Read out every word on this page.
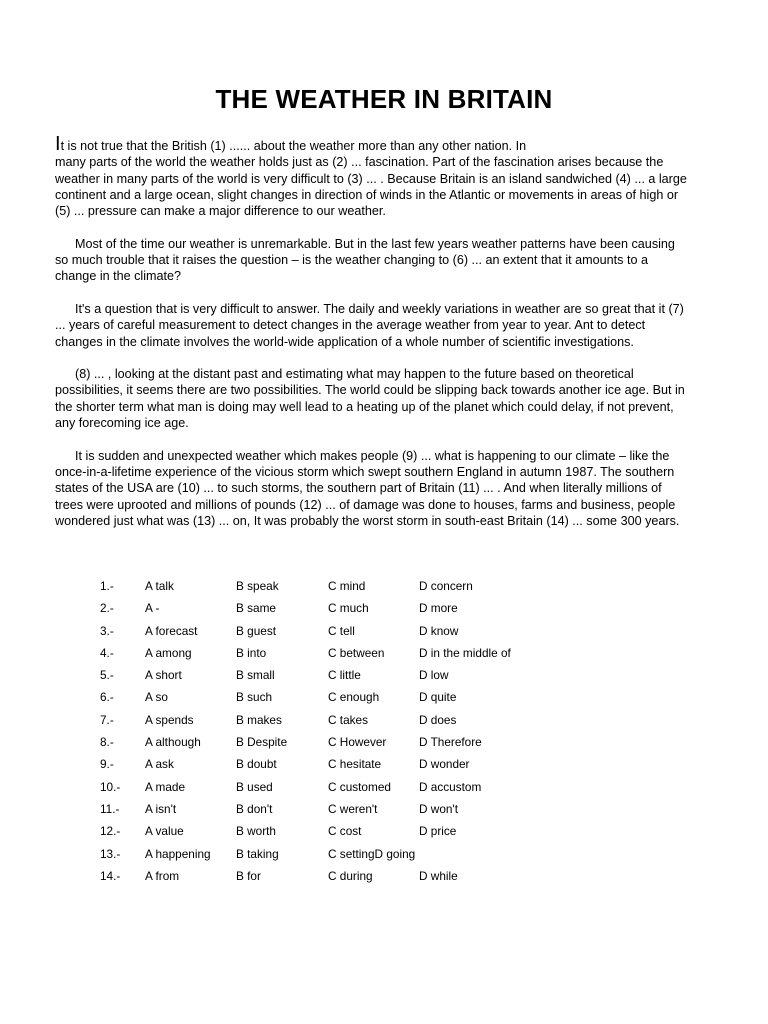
THE WEATHER IN BRITAIN
It is not true that the British (1) ...... about the weather more than any other nation. In
many parts of the world the weather holds just as (2) ... fascination. Part of the fascination arises because the
weather in many parts of the world is very difficult to (3) ... . Because Britain is an island sandwiched (4) ... a large
continent and a large ocean, slight changes in direction of winds in the Atlantic or movements in areas of high or
(5) ... pressure can make a major difference to our weather.
Most of the time our weather is unremarkable. But in the last few years weather patterns have been causing
so much trouble that it raises the question – is the weather changing to (6) ... an extent that it amounts to a
change in the climate?
It's a question that is very difficult to answer. The daily and weekly variations in weather are so great that it (7)
... years of careful measurement to detect changes in the average weather from year to year. Ant to detect
changes in the climate involves the world-wide application of a whole number of scientific investigations.
(8) ... , looking at the distant past and estimating what may happen to the future based on theoretical
possibilities, it seems there are two possibilities. The world could be slipping back towards another ice age. But in
the shorter term what man is doing may well lead to a heating up of the planet which could delay, if not prevent,
any forecoming ice age.
It is sudden and unexpected weather which makes people (9) ... what is happening to our climate – like the
once-in-a-lifetime experience of the vicious storm which swept southern England in autumn 1987. The southern
states of the USA are (10) ... to such storms, the southern part of Britain (11) ... . And when literally millions of
trees were uprooted and millions of pounds (12) ... of damage was done to houses, farms and business, people
wondered just what was (13) ... on, It was probably the worst storm in south-east Britain (14) ... some 300 years.
1.-	A talk	B speak	C mind	D concern
2.-	A -	B same	C much	D more
3.-	A forecast	B guest	C tell	D know
4.-	A among	B into	C between	D in the middle of
5.-	A short	B small	C little	D low
6.-	A so	B such	C enough	D quite
7.-	A spends	B makes	C takes	D does
8.-	A although	B Despite	C However	D Therefore
9.-	A ask	B doubt	C hesitate	D wonder
10.- A made	B used	C customed D accustom
11.- A isn't	B don't	C weren't	D won't
12.- A value	B worth	C cost	D price
13.- A happening B taking	C settingD going
14.- A from	B for	C during	D while
